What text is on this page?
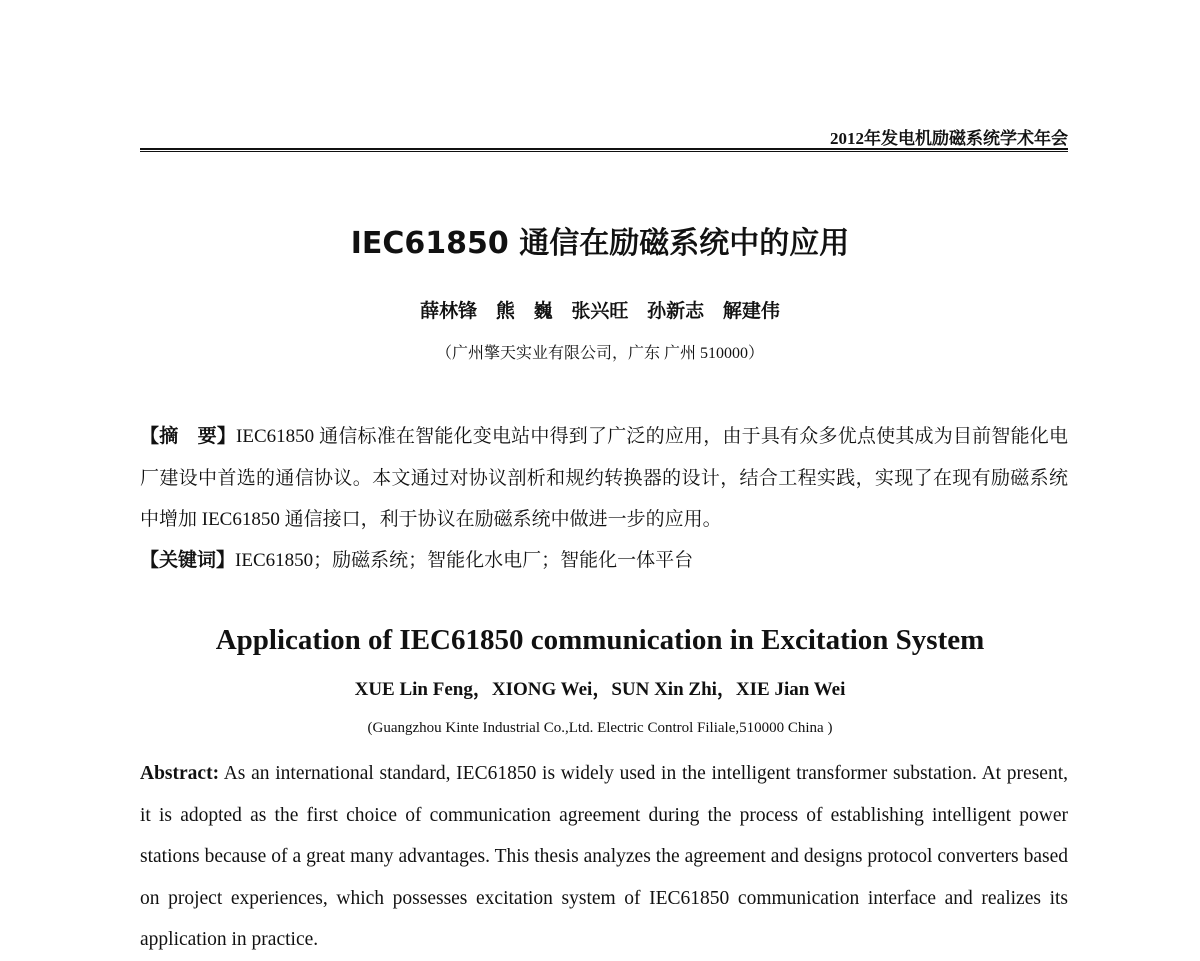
2012年发电机励磁系统学术年会
IEC61850 通信在励磁系统中的应用
薛林锋 熊 巍 张兴旺 孙新志 解建伟
（广州擎天实业有限公司，广东 广州 510000）
【摘　要】IEC61850 通信标准在智能化变电站中得到了广泛的应用，由于具有众多优点使其成为目前智能化电厂建设中首选的通信协议。本文通过对协议剖析和规约转换器的设计，结合工程实践，实现了在现有励磁系统中增加 IEC61850 通信接口，利于协议在励磁系统中做进一步的应用。
【关键词】IEC61850；励磁系统；智能化水电厂；智能化一体平台
Application of IEC61850 communication in Excitation System
XUE Lin Feng，XIONG Wei，SUN Xin Zhi，XIE Jian Wei
(Guangzhou Kinte Industrial Co.,Ltd. Electric Control Filiale,510000 China )
Abstract: As an international standard, IEC61850 is widely used in the intelligent transformer substation. At present, it is adopted as the first choice of communication agreement during the process of establishing intelligent power stations because of a great many advantages. This thesis analyzes the agreement and designs protocol converters based on project experiences, which possesses excitation system of IEC61850 communication interface and realizes its application in practice.
